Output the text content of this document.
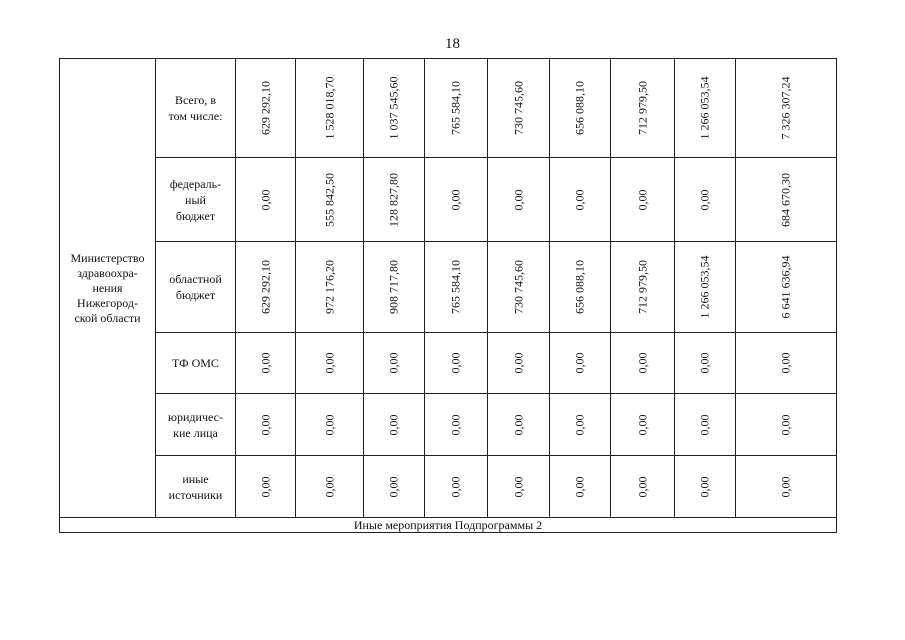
18
Министерство
здравоохра-
нения
Нижегород-
ской области	Всего, в
том числе:	629 292,10	1 528 018,70	1 037 545,60	765 584,10	730 745,60	656 088,10	712 979,50	1 266 053,54	7 326 307,24

	федераль-
ный
бюджет	0,00	555 842,50	128 827,80	0,00	0,00	0,00	0,00	0,00	684 670,30

	областной
бюджет	629 292,10	972 176,20	908 717,80	765 584,10	730 745,60	656 088,10	712 979,50	1 266 053,54	6 641 636,94

	ТФ ОМС	0,00	0,00	0,00	0,00	0,00	0,00	0,00	0,00	0,00

	юридичес-
кие лица	0,00	0,00	0,00	0,00	0,00	0,00	0,00	0,00	0,00

	иные
источники	0,00	0,00	0,00	0,00	0,00	0,00	0,00	0,00	0,00

Иные мероприятия Подпрограммы 2										
